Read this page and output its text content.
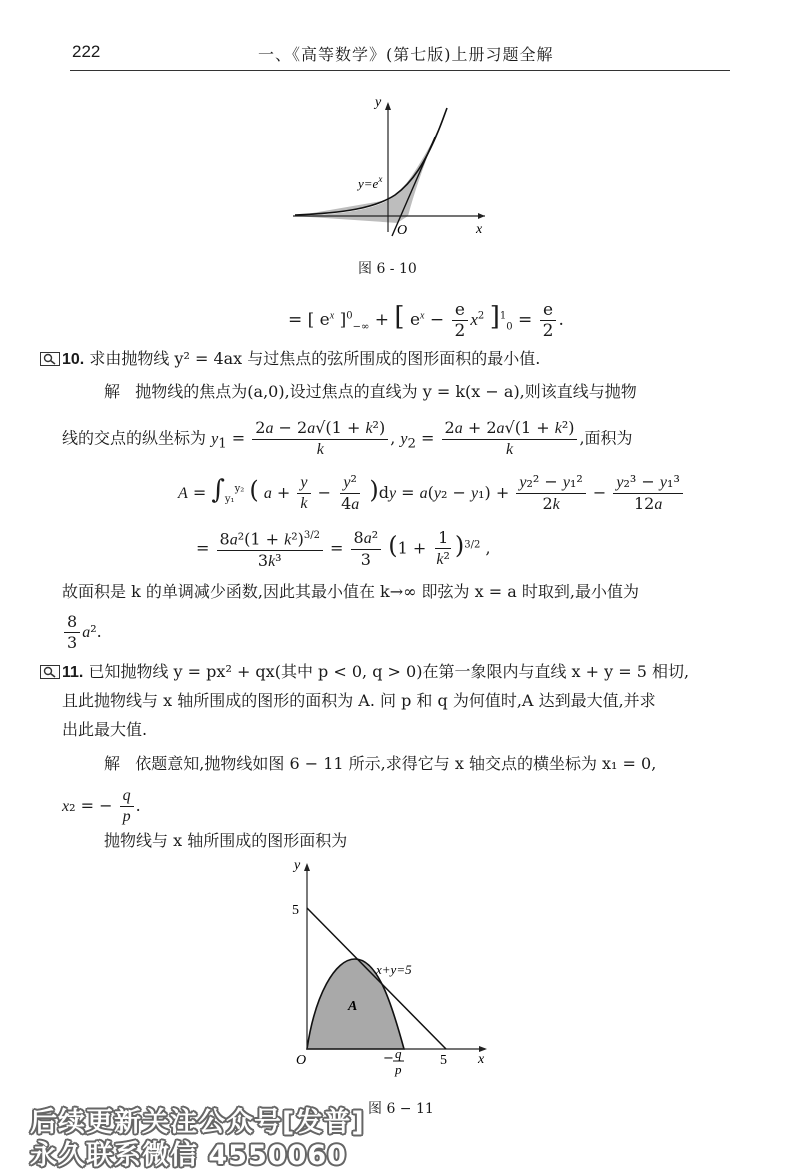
222	一、《高等数学》(第七版)上册习题全解
y
x
O
$y=e^x$
图 6 - 10
= [ $e^x$ ]$^0_{-\infty}$ + [ $e^x - \frac{e}{2} x^2$ ]$^1_0 = \frac{e}{2}$ .
10. 求由抛物线 y² = 4ax 与过焦点的弦所围成的图形面积的最小值.
解 抛物线的焦点为(a,0),设过焦点的直线为 y = k(x − a),则该直线与抛物
线的交点的纵坐标为 $y_1 = \frac{\text{2a − 2a√(1 + k²)}}{k}$ , $y_2 = \frac{\text{2a + 2a√(1 + k²)}}{k}$ ,面积为
$A = \int_{y_1}^{y_2}$ ( $a + \frac{y}{k} - \frac{\text{y²}}{4a} )dy = a(y_2 - y_1) + \frac{\text{y₂² − y₁²}}{2k} - \frac{\text{y₂³ − y₁³}}{12a}$
= $\frac{8a^2(1 + k^2)^{3/2}}{\text{3k³}} = \frac{\text{8a²}}{3} (1 + \frac{1}{\text{k²}} )^{3/2}$ ,
故面积是 k 的单调减少函数,因此其最小值在 k→∞ 即弦为 x = a 时取到,最小值为
$\frac{8}{3} a^2$.
11. 已知抛物线 y = px² + qx(其中 p < 0, q > 0)在第一象限内与直线 x + y = 5 相切,
且此抛物线与 x 轴所围成的图形的面积为 A. 问 p 和 q 为何值时,A 达到最大值,并求
出此最大值.
解 依题意知,抛物线如图 6 − 11 所示,求得它与 x 轴交点的横坐标为 x₁ = 0,
x₂ = − $\frac{q}{p}$ .
抛物线与 x 轴所围成的图形面积为
y
x
O
5
5
x+y=5
A
− q
p
图 6 − 11
后续更新关注公众号[发普]
永久联系微信 4550060
